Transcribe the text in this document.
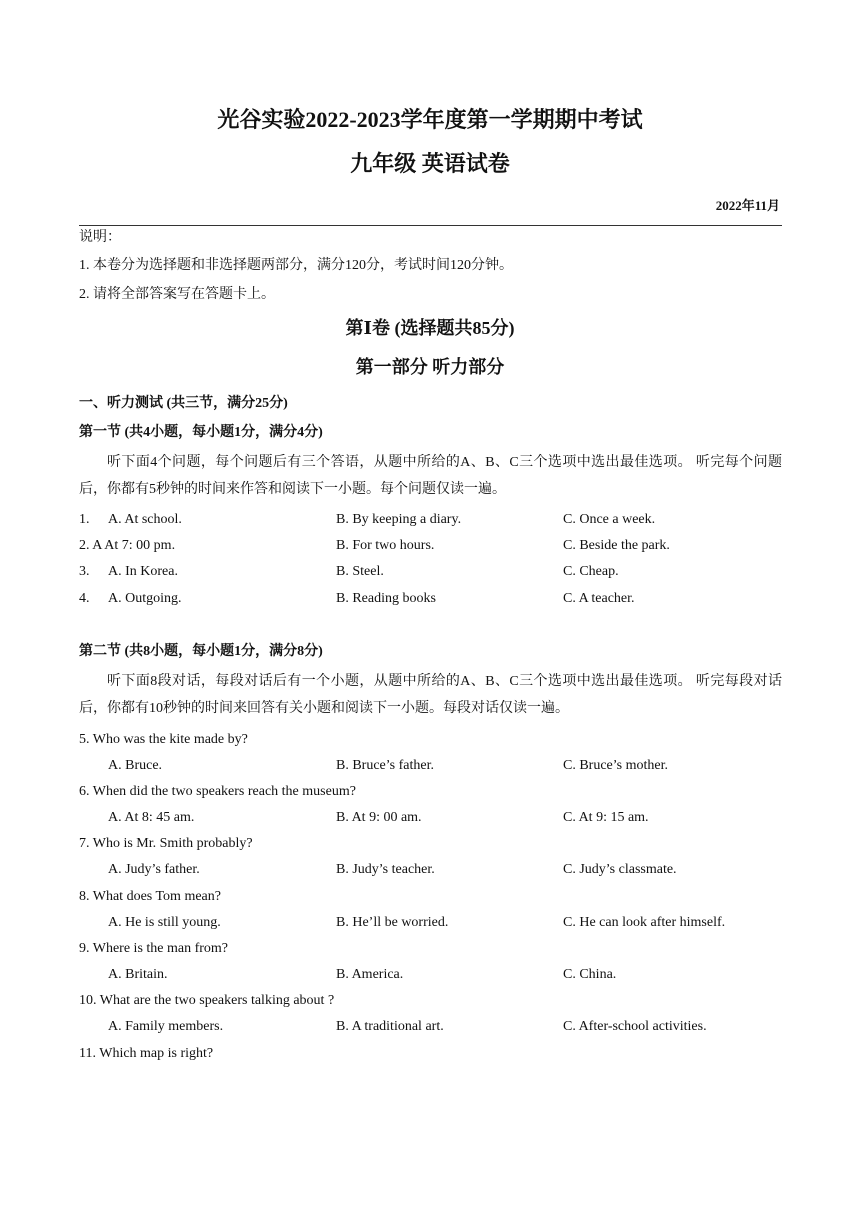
光谷实验2022-2023学年度第一学期期中考试
九年级 英语试卷
2022年11月
说明：
1. 本卷分为选择题和非选择题两部分，满分120分，考试时间120分钟。
2. 请将全部答案写在答题卡上。
第Ⅰ卷 (选择题共85分)
第一部分 听力部分
一、听力测试 (共三节，满分25分)
第一节 (共4小题，每小题1分，满分4分)
听下面4个问题，每个问题后有三个答语，从题中所给的A、B、C三个选项中选出最佳选项。 听完每个问题后，你都有5秒钟的时间来作答和阅读下一小题。每个问题仅读一遍。
1. A. At school.	B. By keeping a diary.	C. Once a week.
2. A At 7: 00 pm.	B. For two hours.	C. Beside the park.
3. A. In Korea.	B. Steel.	C. Cheap.
4. A. Outgoing.	B. Reading books	C. A teacher.
第二节 (共8小题，每小题1分，满分8分)
听下面8段对话，每段对话后有一个小题，从题中所给的A、B、C三个选项中选出最佳选项。 听完每段对话后，你都有10秒钟的时间来回答有关小题和阅读下一小题。每段对话仅读一遍。
5. Who was the kite made by?
A. Bruce.	B. Bruce’s father.	C. Bruce’s mother.
6. When did the two speakers reach the museum?
A. At 8: 45 am.	B. At 9: 00 am.	C. At 9: 15 am.
7. Who is Mr. Smith probably?
A. Judy’s father.	B. Judy’s teacher.	C. Judy’s classmate.
8. What does Tom mean?
A. He is still young.	B. He’ll be worried.	C. He can look after himself.
9. Where is the man from?
A. Britain.	B. America.	C. China.
10. What are the two speakers talking about ?
A. Family members.	B. A traditional art.	C. After-school activities.
11. Which map is right?
